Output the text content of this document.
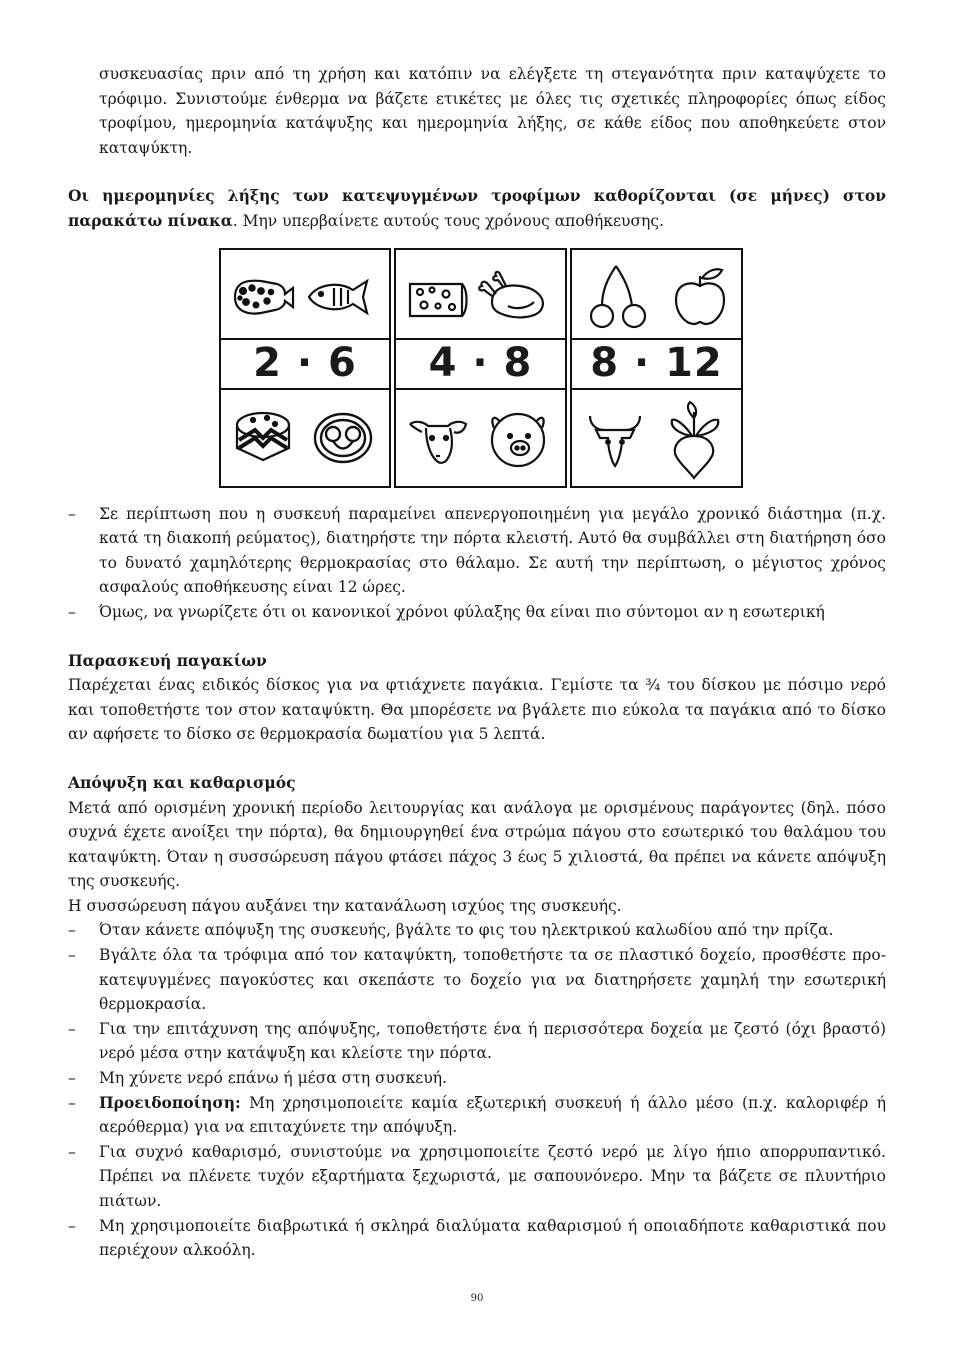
συσκευασίας πριν από τη χρήση και κατόπιν να ελέγξετε τη στεγανότητα πριν καταψύχετε το τρόφιμο. Συνιστούμε ένθερμα να βάζετε ετικέτες με όλες τις σχετικές πληροφορίες όπως είδος τροφίμου, ημερομηνία κατάψυξης και ημερομηνία λήξης, σε κάθε είδος που αποθηκεύετε στον καταψύκτη.

Οι ημερομηνίες λήξης των κατεψυγμένων τροφίμων καθορίζονται (σε μήνες) στον παρακάτω πίνακα. Μην υπερβαίνετε αυτούς τους χρόνους αποθήκευσης.

2 · 6	4 · 8	8 · 12
– Σε περίπτωση που η συσκευή παραμείνει απενεργοποιημένη για μεγάλο χρονικό διάστημα (π.χ. κατά τη διακοπή ρεύματος), διατηρήστε την πόρτα κλειστή. Αυτό θα συμβάλλει στη διατήρηση όσο το δυνατό χαμηλότερης θερμοκρασίας στο θάλαμο. Σε αυτή την περίπτωση, ο μέγιστος χρόνος ασφαλούς αποθήκευσης είναι 12 ώρες.
– Όμως, να γνωρίζετε ότι οι κανονικοί χρόνοι φύλαξης θα είναι πιο σύντομοι αν η εσωτερική

Παρασκευή παγακίων

Παρέχεται ένας ειδικός δίσκος για να φτιάχνετε παγάκια. Γεμίστε τα ¾ του δίσκου με πόσιμο νερό και τοποθετήστε τον στον καταψύκτη. Θα μπορέσετε να βγάλετε πιο εύκολα τα παγάκια από το δίσκο αν αφήσετε το δίσκο σε θερμοκρασία δωματίου για 5 λεπτά.

Απόψυξη και καθαρισμός

Μετά από ορισμένη χρονική περίοδο λειτουργίας και ανάλογα με ορισμένους παράγοντες (δηλ. πόσο συχνά έχετε ανοίξει την πόρτα), θα δημιουργηθεί ένα στρώμα πάγου στο εσωτερικό του θαλάμου του καταψύκτη. Όταν η συσσώρευση πάγου φτάσει πάχος 3 έως 5 χιλιοστά, θα πρέπει να κάνετε απόψυξη της συσκευής.

Η συσσώρευση πάγου αυξάνει την κατανάλωση ισχύος της συσκευής.

– Όταν κάνετε απόψυξη της συσκευής, βγάλτε το φις του ηλεκτρικού καλωδίου από την πρίζα.
– Βγάλτε όλα τα τρόφιμα από τον καταψύκτη, τοποθετήστε τα σε πλαστικό δοχείο, προσθέστε προ-κατεψυγμένες παγοκύστες και σκεπάστε το δοχείο για να διατηρήσετε χαμηλή την εσωτερική θερμοκρασία.
– Για την επιτάχυνση της απόψυξης, τοποθετήστε ένα ή περισσότερα δοχεία με ζεστό (όχι βραστό) νερό μέσα στην κατάψυξη και κλείστε την πόρτα.
– Μη χύνετε νερό επάνω ή μέσα στη συσκευή.
– Προειδοποίηση: Μη χρησιμοποιείτε καμία εξωτερική συσκευή ή άλλο μέσο (π.χ. καλοριφέρ ή αερόθερμα) για να επιταχύνετε την απόψυξη.
– Για συχνό καθαρισμό, συνιστούμε να χρησιμοποιείτε ζεστό νερό με λίγο ήπιο απορρυπαντικό. Πρέπει να πλένετε τυχόν εξαρτήματα ξεχωριστά, με σαπουνόνερο. Μην τα βάζετε σε πλυντήριο πιάτων.
– Μη χρησιμοποιείτε διαβρωτικά ή σκληρά διαλύματα καθαρισμού ή οποιαδήποτε καθαριστικά που περιέχουν αλκοόλη.
90
